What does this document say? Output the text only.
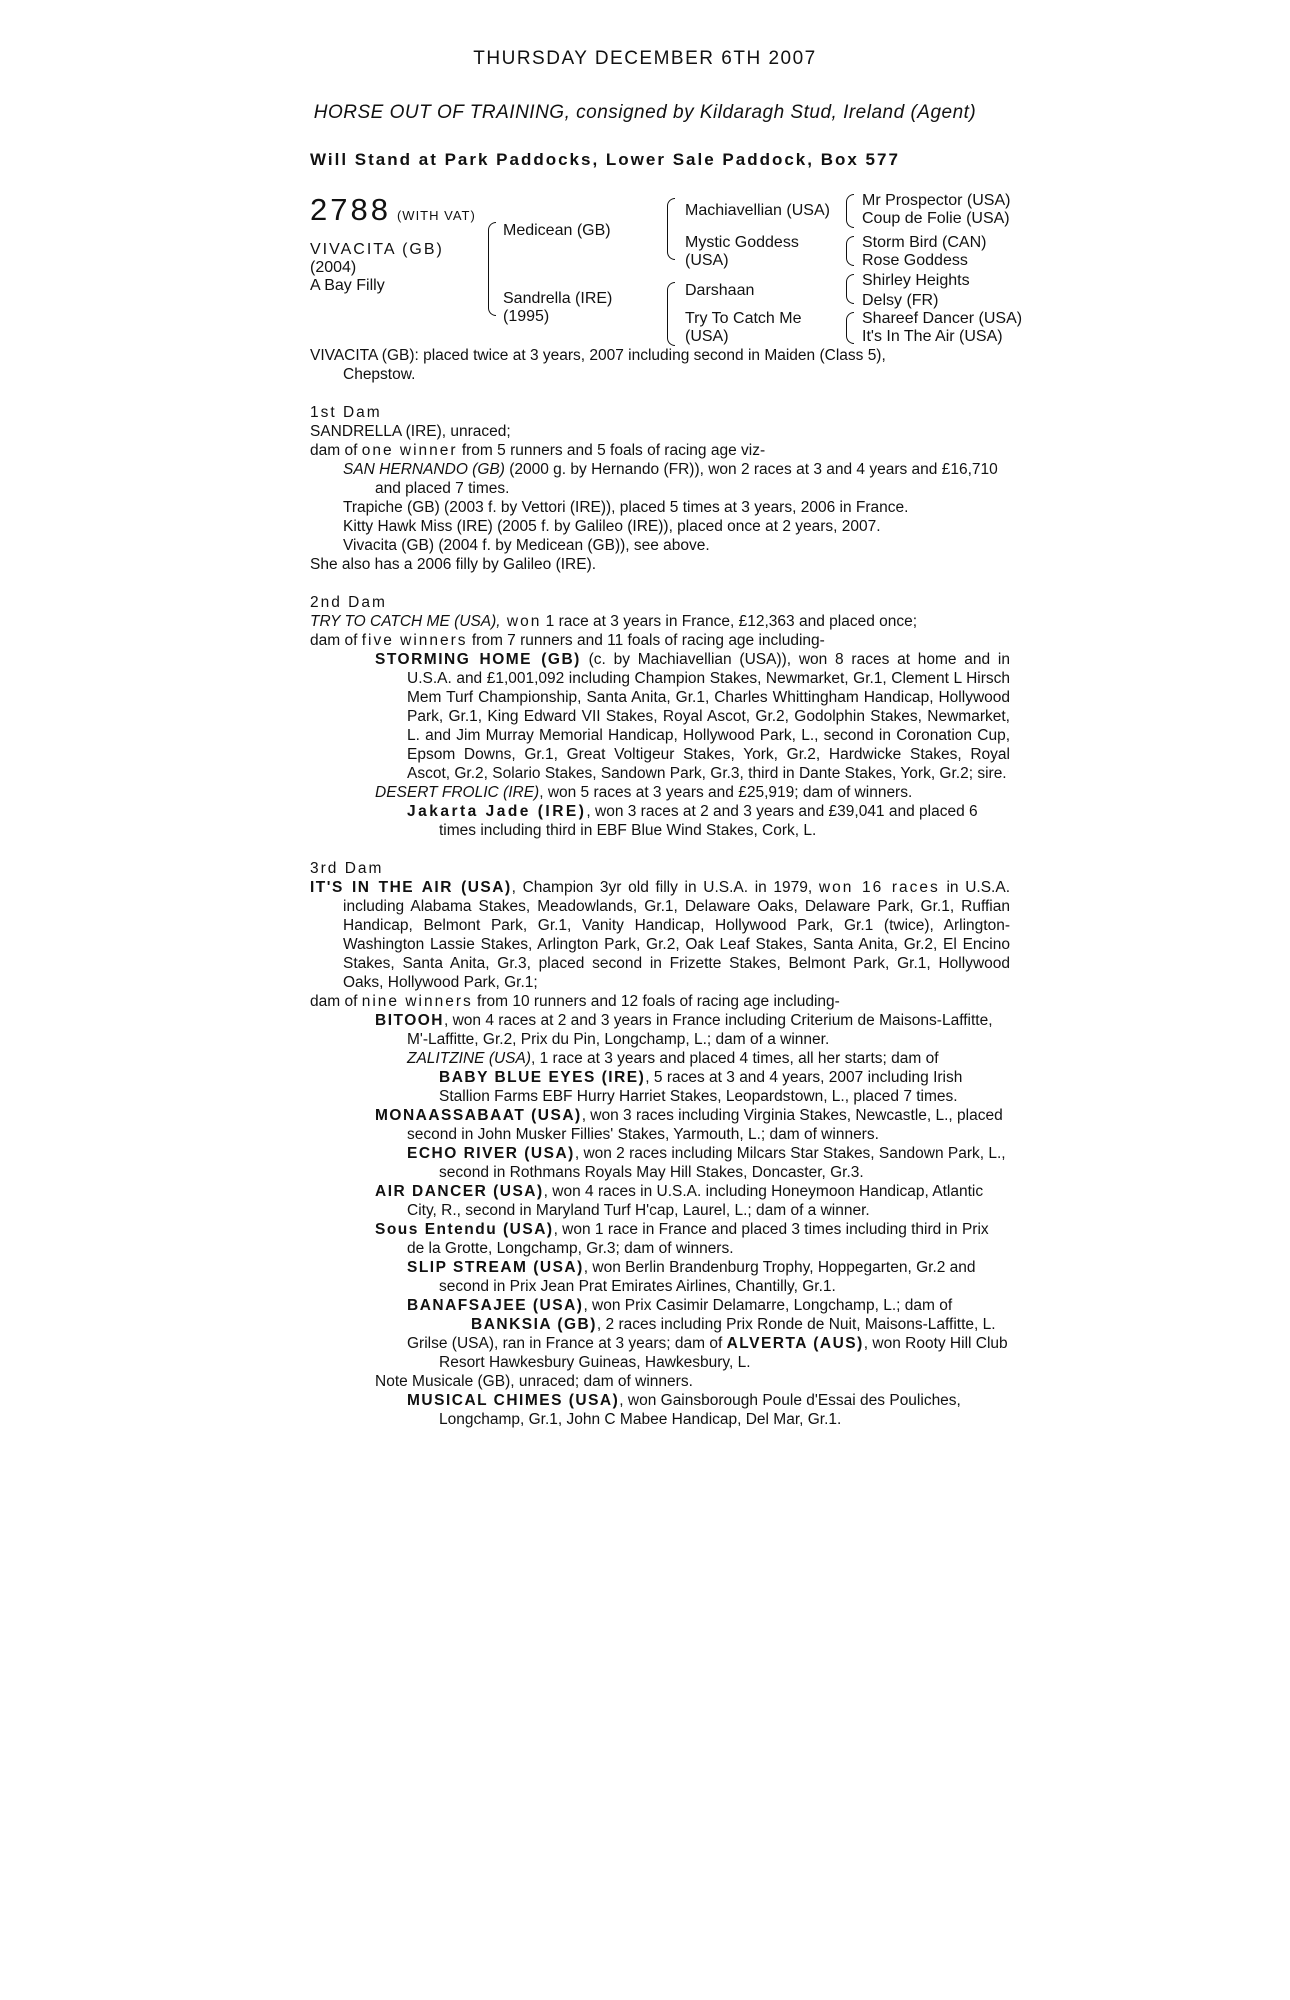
THURSDAY DECEMBER 6TH 2007
HORSE OUT OF TRAINING, consigned by Kildaragh Stud, Ireland (Agent)
Will Stand at Park Paddocks, Lower Sale Paddock, Box 577
2788 (WITH VAT)
VIVACITA (GB)
(2004)
A Bay Filly
Medicean (GB)
Sandrella (IRE)
(1995)
Machiavellian (USA)
Mystic Goddess
(USA)
Darshaan
Try To Catch Me
(USA)
Mr Prospector (USA)
Coup de Folie (USA)
Storm Bird (CAN)
Rose Goddess
Shirley Heights
Delsy (FR)
Shareef Dancer (USA)
It's In The Air (USA)

VIVACITA (GB): placed twice at 3 years, 2007 including second in Maiden (Class 5),

Chepstow.

1st Dam

SANDRELLA (IRE), unraced;

dam of one winner from 5 runners and 5 foals of racing age viz-

SAN HERNANDO (GB) (2000 g. by Hernando (FR)), won 2 races at 3 and 4 years and £16,710 and placed 7 times.

Trapiche (GB) (2003 f. by Vettori (IRE)), placed 5 times at 3 years, 2006 in France.

Kitty Hawk Miss (IRE) (2005 f. by Galileo (IRE)), placed once at 2 years, 2007.

Vivacita (GB) (2004 f. by Medicean (GB)), see above.

She also has a 2006 filly by Galileo (IRE).

2nd Dam

TRY TO CATCH ME (USA), won 1 race at 3 years in France, £12,363 and placed once;

dam of five winners from 7 runners and 11 foals of racing age including-

STORMING HOME (GB) (c. by Machiavellian (USA)), won 8 races at home and in U.S.A. and £1,001,092 including Champion Stakes, Newmarket, Gr.1, Clement L Hirsch Mem Turf Championship, Santa Anita, Gr.1, Charles Whittingham Handicap, Hollywood Park, Gr.1, King Edward VII Stakes, Royal Ascot, Gr.2, Godolphin Stakes, Newmarket, L. and Jim Murray Memorial Handicap, Hollywood Park, L., second in Coronation Cup, Epsom Downs, Gr.1, Great Voltigeur Stakes, York, Gr.2, Hardwicke Stakes, Royal Ascot, Gr.2, Solario Stakes, Sandown Park, Gr.3, third in Dante Stakes, York, Gr.2; sire.

DESERT FROLIC (IRE), won 5 races at 3 years and £25,919; dam of winners.

Jakarta Jade (IRE), won 3 races at 2 and 3 years and £39,041 and placed 6 times including third in EBF Blue Wind Stakes, Cork, L.

3rd Dam

IT'S IN THE AIR (USA), Champion 3yr old filly in U.S.A. in 1979, won 16 races in U.S.A. including Alabama Stakes, Meadowlands, Gr.1, Delaware Oaks, Delaware Park, Gr.1, Ruffian Handicap, Belmont Park, Gr.1, Vanity Handicap, Hollywood Park, Gr.1 (twice), Arlington-Washington Lassie Stakes, Arlington Park, Gr.2, Oak Leaf Stakes, Santa Anita, Gr.2, El Encino Stakes, Santa Anita, Gr.3, placed second in Frizette Stakes, Belmont Park, Gr.1, Hollywood Oaks, Hollywood Park, Gr.1;

dam of nine winners from 10 runners and 12 foals of racing age including-

BITOOH, won 4 races at 2 and 3 years in France including Criterium de Maisons-Laffitte, M'-Laffitte, Gr.2, Prix du Pin, Longchamp, L.; dam of a winner.

ZALITZINE (USA), 1 race at 3 years and placed 4 times, all her starts; dam of

BABY BLUE EYES (IRE), 5 races at 3 and 4 years, 2007 including Irish Stallion Farms EBF Hurry Harriet Stakes, Leopardstown, L., placed 7 times.

MONAASSABAAT (USA), won 3 races including Virginia Stakes, Newcastle, L., placed second in John Musker Fillies' Stakes, Yarmouth, L.; dam of winners.

ECHO RIVER (USA), won 2 races including Milcars Star Stakes, Sandown Park, L., second in Rothmans Royals May Hill Stakes, Doncaster, Gr.3.

AIR DANCER (USA), won 4 races in U.S.A. including Honeymoon Handicap, Atlantic City, R., second in Maryland Turf H'cap, Laurel, L.; dam of a winner.

Sous Entendu (USA), won 1 race in France and placed 3 times including third in Prix de la Grotte, Longchamp, Gr.3; dam of winners.

SLIP STREAM (USA), won Berlin Brandenburg Trophy, Hoppegarten, Gr.2 and second in Prix Jean Prat Emirates Airlines, Chantilly, Gr.1.

BANAFSAJEE (USA), won Prix Casimir Delamarre, Longchamp, L.; dam of

BANKSIA (GB), 2 races including Prix Ronde de Nuit, Maisons-Laffitte, L.

Grilse (USA), ran in France at 3 years; dam of ALVERTA (AUS), won Rooty Hill Club Resort Hawkesbury Guineas, Hawkesbury, L.

Note Musicale (GB), unraced; dam of winners.

MUSICAL CHIMES (USA), won Gainsborough Poule d'Essai des Pouliches, Longchamp, Gr.1, John C Mabee Handicap, Del Mar, Gr.1.
